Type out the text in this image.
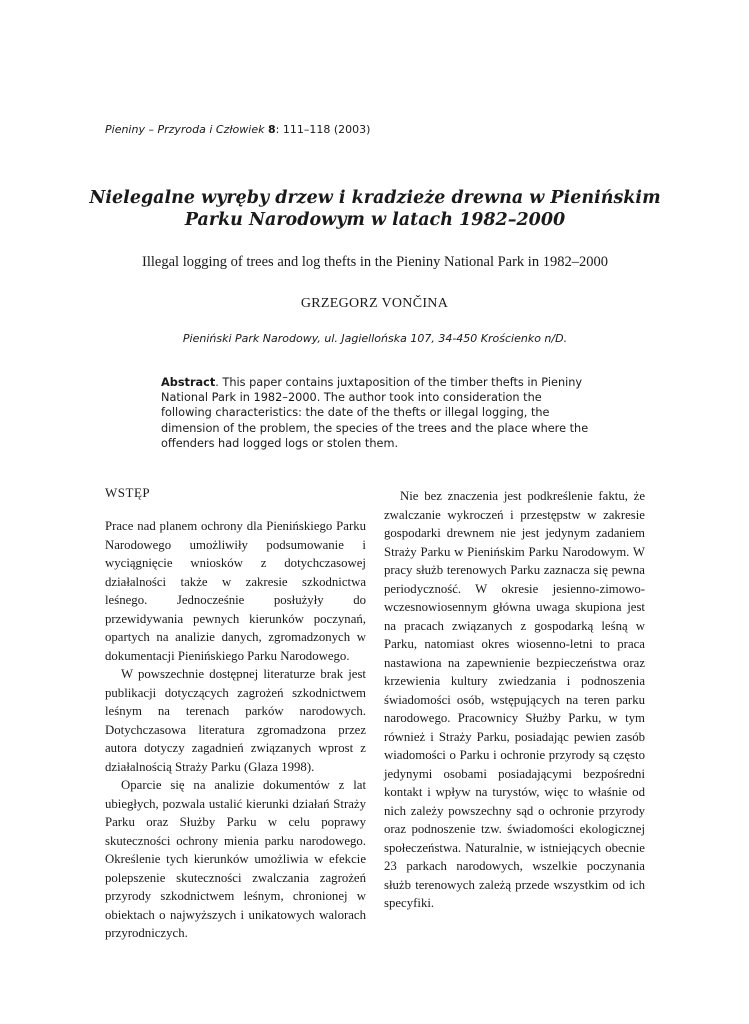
Pieniny – Przyroda i Człowiek 8: 111–118 (2003)
Nielegalne wyręby drzew i kradzieże drewna w Pienińskim
Parku Narodowym w latach 1982–2000
Illegal logging of trees and log thefts in the Pieniny National Park in 1982–2000
GRZEGORZ VONČINA
Pieniński Park Narodowy, ul. Jagiellońska 107, 34-450 Krościenko n/D.

Abstract. This paper contains juxtaposition of the timber thefts in Pieniny National Park in 1982–2000. The author took into consideration the following characteristics: the date of the thefts or illegal logging, the dimension of the problem, the species of the trees and the place where the offenders had logged logs or stolen them.

WSTĘP

Prace nad planem ochrony dla Pienińskiego Parku Narodowego umożliwiły podsumowanie i wyciągnięcie wniosków z dotychczasowej działalności także w zakresie szkodnictwa leśnego. Jednocześnie posłużyły do przewidywania pewnych kierunków poczynań, opartych na analizie danych, zgromadzonych w dokumentacji Pienińskiego Parku Narodowego.

W powszechnie dostępnej literaturze brak jest publikacji dotyczących zagrożeń szkodnictwem leśnym na terenach parków narodowych. Dotychczasowa literatura zgromadzona przez autora dotyczy zagadnień związanych wprost z działalnością Straży Parku (Glaza 1998).

Oparcie się na analizie dokumentów z lat ubiegłych, pozwala ustalić kierunki działań Straży Parku oraz Służby Parku w celu poprawy skuteczności ochrony mienia parku narodowego. Określenie tych kierunków umożliwia w efekcie polepszenie skuteczności zwalczania zagrożeń przyrody szkodnictwem leśnym, chronionej w obiektach o najwyższych i unikatowych walorach przyrodniczych.

Nie bez znaczenia jest podkreślenie faktu, że zwalczanie wykroczeń i przestępstw w zakresie gospodarki drewnem nie jest jedynym zadaniem Straży Parku w Pienińskim Parku Narodowym. W pracy służb terenowych Parku zaznacza się pewna periodyczność. W okresie jesienno-zimowo-wczesnowiosennym główna uwaga skupiona jest na pracach związanych z gospodarką leśną w Parku, natomiast okres wiosenno-letni to praca nastawiona na zapewnienie bezpieczeństwa oraz krzewienia kultury zwiedzania i podnoszenia świadomości osób, wstępujących na teren parku narodowego. Pracownicy Służby Parku, w tym również i Straży Parku, posiadając pewien zasób wiadomości o Parku i ochronie przyrody są często jedynymi osobami posiadającymi bezpośredni kontakt i wpływ na turystów, więc to właśnie od nich zależy powszechny sąd o ochronie przyrody oraz podnoszenie tzw. świadomości ekologicznej społeczeństwa. Naturalnie, w istniejących obecnie 23 parkach narodowych, wszelkie poczynania służb terenowych zależą przede wszystkim od ich specyfiki.
